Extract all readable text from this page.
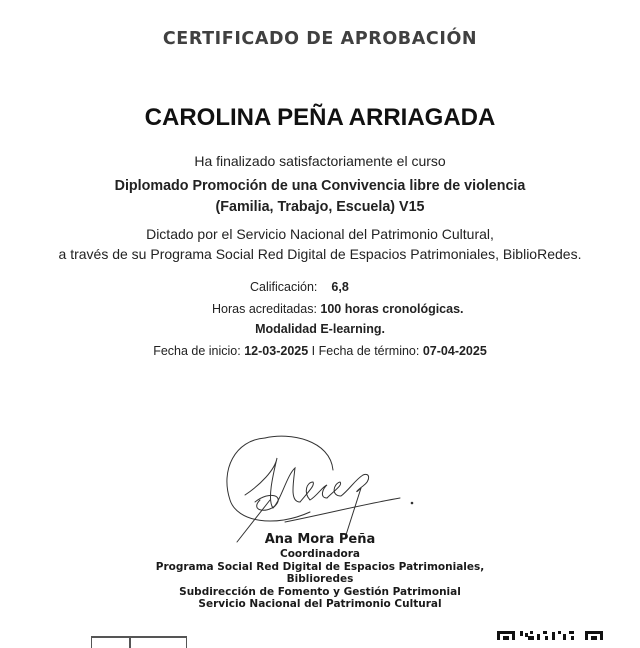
CERTIFICADO DE APROBACIÓN
CAROLINA PEÑA ARRIAGADA
Ha finalizado satisfactoriamente el curso
Diplomado Promoción de una Convivencia libre de violencia
(Familia, Trabajo, Escuela) V15
Dictado por el Servicio Nacional del Patrimonio Cultural,
a través de su Programa Social Red Digital de Espacios Patrimoniales, BiblioRedes.
Calificación: 6,8
Horas acreditadas: 100 horas cronológicas.
Modalidad E-learning.
Fecha de inicio: 12-03-2025 I Fecha de término: 07-04-2025
Ana Mora Peña
Coordinadora
Programa Social Red Digital de Espacios Patrimoniales,
Biblioredes
Subdirección de Fomento y Gestión Patrimonial
Servicio Nacional del Patrimonio Cultural
